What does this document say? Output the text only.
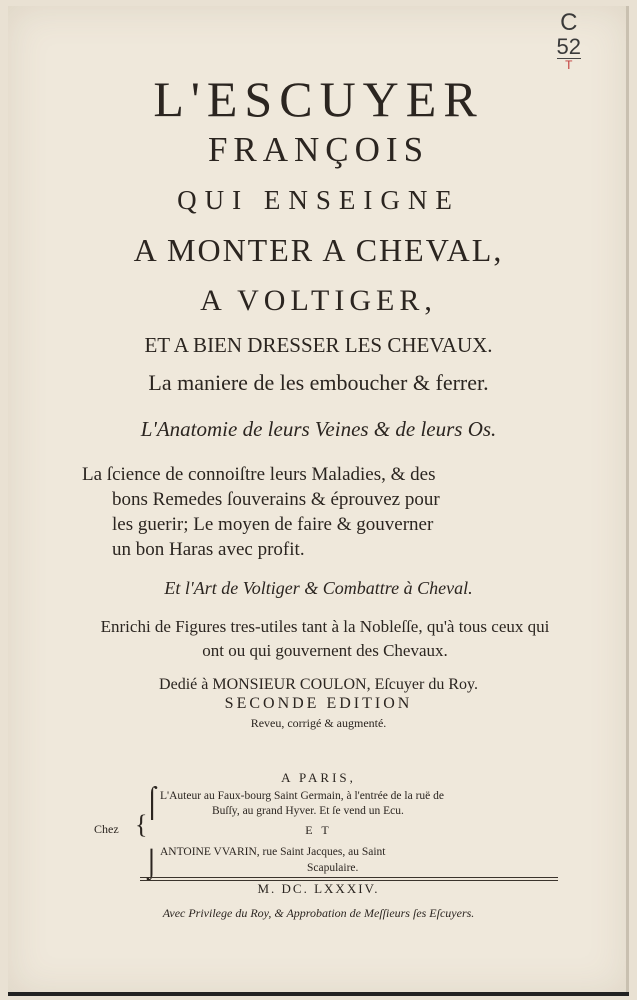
C
52
T
L'ESCUYER
FRANÇOIS
QUI ENSEIGNE
A MONTER A CHEVAL,
A VOLTIGER,
ET A BIEN DRESSER LES CHEVAUX.
La maniere de les emboucher & ferrer.
L'Anatomie de leurs Veines & de leurs Os.
La ſcience de connoiſtre leurs Maladies, & des
bons Remedes ſouverains & éprouvez pour
les guerir; Le moyen de faire & gouverner
un bon Haras avec profit.
Et l'Art de Voltiger & Combattre à Cheval.
Enrichi de Figures tres-utiles tant à la Nobleſſe, qu'à tous ceux qui ont ou qui gouvernent des Chevaux.
Dedié à MONSIEUR COULON, Eſcuyer du Roy.
SECONDE EDITION
Reveu, corrigé & augmenté.
A PARIS,
⌠
{
⌡
Chez
L'Auteur au Faux-bourg Saint Germain, à l'entrée de la ruë de
Buſſy, au grand Hyver. Et ſe vend un Ecu.
E T
ANTOINE VVARIN, rue Saint Jacques, au Saint
Scapulaire.
M. DC. LXXXIV.
Avec Privilege du Roy, & Approbation de Meſſieurs ſes Eſcuyers.
